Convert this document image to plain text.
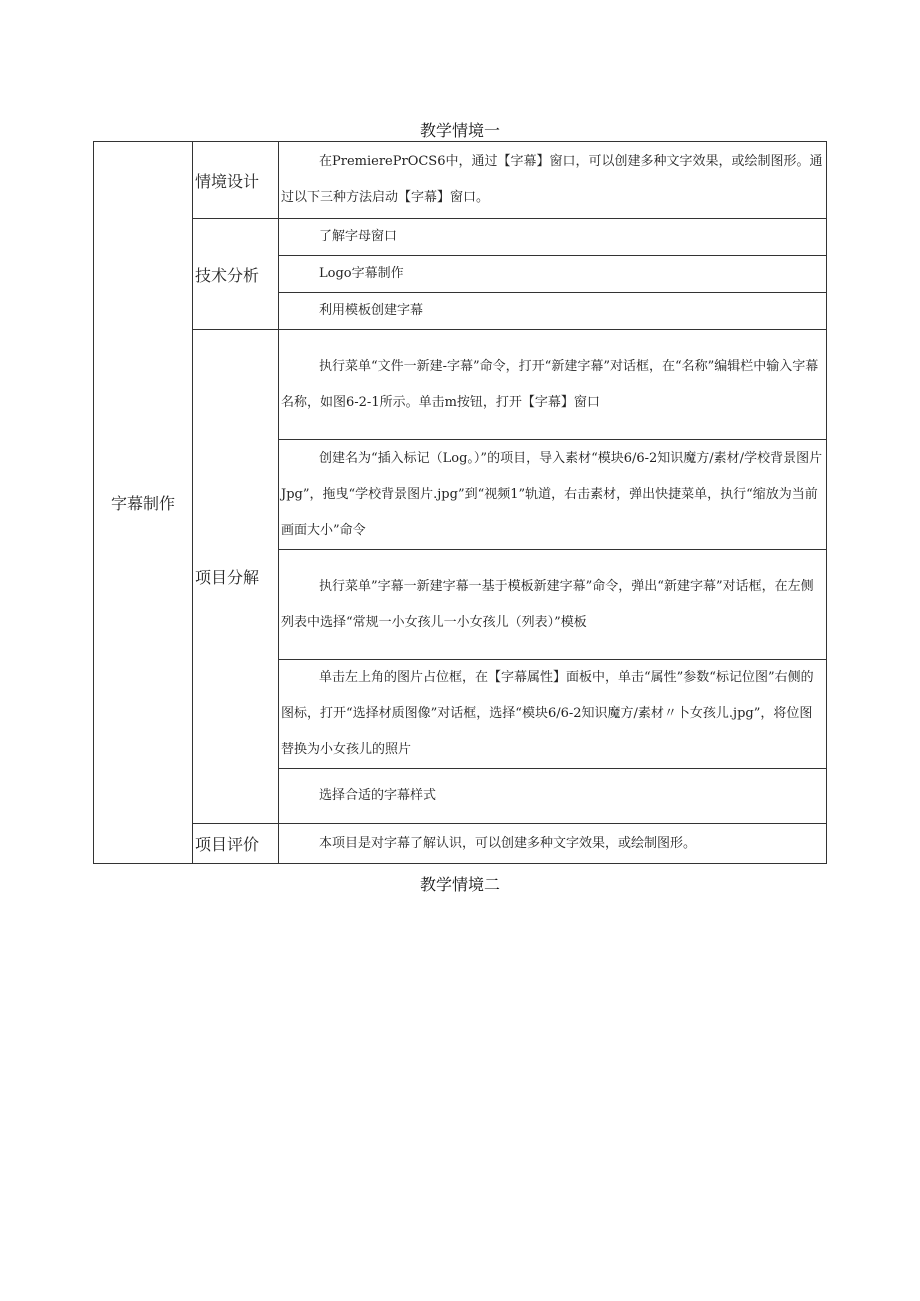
教学情境一
字幕制作	情境设计	在PremierePrOCS6中，通过【字幕】窗口，可以创建多种文字效果，或绘制图形。通过以下三种方法启动【字幕】窗口。
	技术分析	了解字母窗口
		Logo字幕制作
		利用模板创建字幕
	项目分解	执行菜单“文件一新建-字幕”命令，打开“新建字幕”对话框，在“名称”编辑栏中输入字幕名称，如图6-2-1所示。单击m按钮，打开【字幕】窗口
		创建名为“插入标记（Log。）”的项目，导入素材“模块6/6-2知识魔方/素材/学校背景图片Jpg”，拖曳“学校背景图片.jpg”到“视频1”轨道，右击素材，弹出快捷菜单，执行“缩放为当前画面大小”命令
		执行菜单”字幕一新建字幕一基于模板新建字幕”命令，弹出“新建字幕”对话框，在左侧列表中选择“常规一小女孩儿一小女孩儿（列表）”模板
		单击左上角的图片占位框，在【字幕属性】面板中，单击“属性”参数“标记位图”右侧的图标，打开“选择材质图像”对话框，选择“模块6/6-2知识魔方/素材〃卜女孩儿.jpg”，将位图替换为小女孩儿的照片
		选择合适的字幕样式
	项目评价	本项目是对字幕了解认识，可以创建多种文字效果，或绘制图形。
教学情境二
